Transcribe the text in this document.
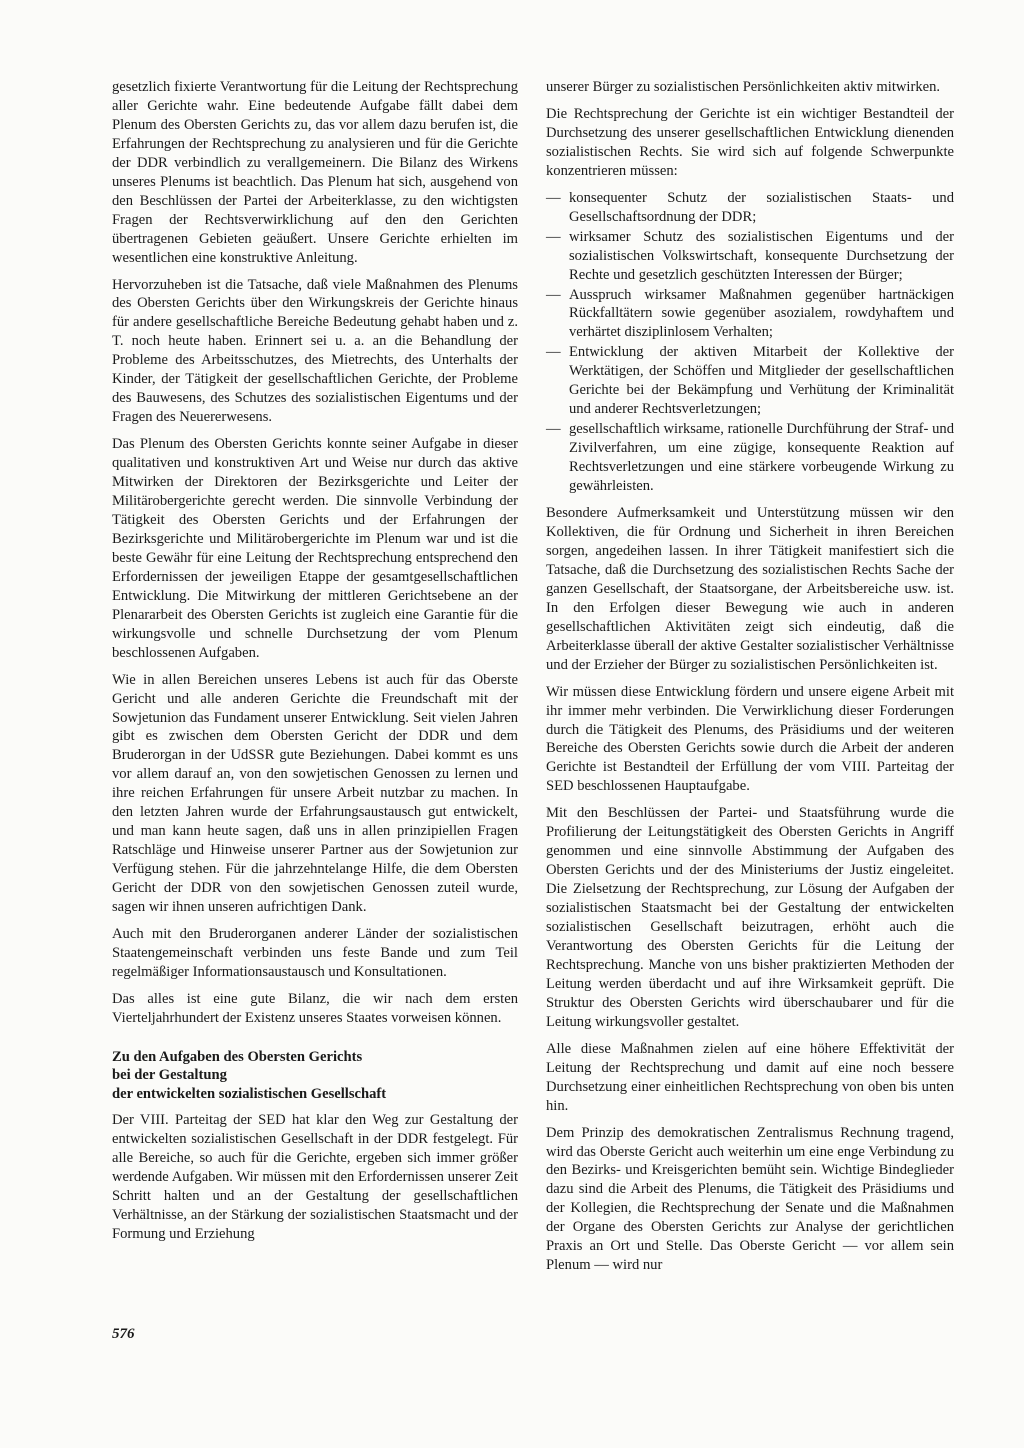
gesetzlich fixierte Verantwortung für die Leitung der Rechtsprechung aller Gerichte wahr. Eine bedeutende Aufgabe fällt dabei dem Plenum des Obersten Gerichts zu, das vor allem dazu berufen ist, die Erfahrungen der Rechtsprechung zu analysieren und für die Gerichte der DDR verbindlich zu verallgemeinern. Die Bilanz des Wirkens unseres Plenums ist beachtlich. Das Plenum hat sich, ausgehend von den Beschlüssen der Partei der Arbeiterklasse, zu den wichtigsten Fragen der Rechtsverwirklichung auf den den Gerichten übertragenen Gebieten geäußert. Unsere Gerichte erhielten im wesentlichen eine konstruktive Anleitung.

Hervorzuheben ist die Tatsache, daß viele Maßnahmen des Plenums des Obersten Gerichts über den Wirkungskreis der Gerichte hinaus für andere gesellschaftliche Bereiche Bedeutung gehabt haben und z. T. noch heute haben. Erinnert sei u. a. an die Behandlung der Probleme des Arbeitsschutzes, des Mietrechts, des Unterhalts der Kinder, der Tätigkeit der gesellschaftlichen Gerichte, der Probleme des Bauwesens, des Schutzes des sozialistischen Eigentums und der Fragen des Neuererwesens.

Das Plenum des Obersten Gerichts konnte seiner Aufgabe in dieser qualitativen und konstruktiven Art und Weise nur durch das aktive Mitwirken der Direktoren der Bezirksgerichte und Leiter der Militärobergerichte gerecht werden. Die sinnvolle Verbindung der Tätigkeit des Obersten Gerichts und der Erfahrungen der Bezirksgerichte und Militärobergerichte im Plenum war und ist die beste Gewähr für eine Leitung der Rechtsprechung entsprechend den Erfordernissen der jeweiligen Etappe der gesamtgesellschaftlichen Entwicklung. Die Mitwirkung der mittleren Gerichtsebene an der Plenararbeit des Obersten Gerichts ist zugleich eine Garantie für die wirkungsvolle und schnelle Durchsetzung der vom Plenum beschlossenen Aufgaben.

Wie in allen Bereichen unseres Lebens ist auch für das Oberste Gericht und alle anderen Gerichte die Freundschaft mit der Sowjetunion das Fundament unserer Entwicklung. Seit vielen Jahren gibt es zwischen dem Obersten Gericht der DDR und dem Bruderorgan in der UdSSR gute Beziehungen. Dabei kommt es uns vor allem darauf an, von den sowjetischen Genossen zu lernen und ihre reichen Erfahrungen für unsere Arbeit nutzbar zu machen. In den letzten Jahren wurde der Erfahrungsaustausch gut entwickelt, und man kann heute sagen, daß uns in allen prinzipiellen Fragen Ratschläge und Hinweise unserer Partner aus der Sowjetunion zur Verfügung stehen. Für die jahrzehntelange Hilfe, die dem Obersten Gericht der DDR von den sowjetischen Genossen zuteil wurde, sagen wir ihnen unseren aufrichtigen Dank.

Auch mit den Bruderorganen anderer Länder der sozialistischen Staatengemeinschaft verbinden uns feste Bande und zum Teil regelmäßiger Informationsaustausch und Konsultationen.

Das alles ist eine gute Bilanz, die wir nach dem ersten Vierteljahrhundert der Existenz unseres Staates vorweisen können.

Zu den Aufgaben des Obersten Gerichts
bei der Gestaltung
der entwickelten sozialistischen Gesellschaft

Der VIII. Parteitag der SED hat klar den Weg zur Gestaltung der entwickelten sozialistischen Gesellschaft in der DDR festgelegt. Für alle Bereiche, so auch für die Gerichte, ergeben sich immer größer werdende Aufgaben. Wir müssen mit den Erfordernissen unserer Zeit Schritt halten und an der Gestaltung der gesellschaftlichen Verhältnisse, an der Stärkung der sozialistischen Staatsmacht und der Formung und Erziehung

unserer Bürger zu sozialistischen Persönlichkeiten aktiv mitwirken.

Die Rechtsprechung der Gerichte ist ein wichtiger Bestandteil der Durchsetzung des unserer gesellschaftlichen Entwicklung dienenden sozialistischen Rechts. Sie wird sich auf folgende Schwerpunkte konzentrieren müssen:

— konsequenter Schutz der sozialistischen Staats- und Gesellschaftsordnung der DDR;
— wirksamer Schutz des sozialistischen Eigentums und der sozialistischen Volkswirtschaft, konsequente Durchsetzung der Rechte und gesetzlich geschützten Interessen der Bürger;
— Ausspruch wirksamer Maßnahmen gegenüber hartnäckigen Rückfalltätern sowie gegenüber asozialem, rowdyhaftem und verhärtet disziplinlosem Verhalten;
— Entwicklung der aktiven Mitarbeit der Kollektive der Werktätigen, der Schöffen und Mitglieder der gesellschaftlichen Gerichte bei der Bekämpfung und Verhütung der Kriminalität und anderer Rechtsverletzungen;
— gesellschaftlich wirksame, rationelle Durchführung der Straf- und Zivilverfahren, um eine zügige, konsequente Reaktion auf Rechtsverletzungen und eine stärkere vorbeugende Wirkung zu gewährleisten.

Besondere Aufmerksamkeit und Unterstützung müssen wir den Kollektiven, die für Ordnung und Sicherheit in ihren Bereichen sorgen, angedeihen lassen. In ihrer Tätigkeit manifestiert sich die Tatsache, daß die Durchsetzung des sozialistischen Rechts Sache der ganzen Gesellschaft, der Staatsorgane, der Arbeitsbereiche usw. ist. In den Erfolgen dieser Bewegung wie auch in anderen gesellschaftlichen Aktivitäten zeigt sich eindeutig, daß die Arbeiterklasse überall der aktive Gestalter sozialistischer Verhältnisse und der Erzieher der Bürger zu sozialistischen Persönlichkeiten ist.

Wir müssen diese Entwicklung fördern und unsere eigene Arbeit mit ihr immer mehr verbinden. Die Verwirklichung dieser Forderungen durch die Tätigkeit des Plenums, des Präsidiums und der weiteren Bereiche des Obersten Gerichts sowie durch die Arbeit der anderen Gerichte ist Bestandteil der Erfüllung der vom VIII. Parteitag der SED beschlossenen Hauptaufgabe.

Mit den Beschlüssen der Partei- und Staatsführung wurde die Profilierung der Leitungstätigkeit des Obersten Gerichts in Angriff genommen und eine sinnvolle Abstimmung der Aufgaben des Obersten Gerichts und der des Ministeriums der Justiz eingeleitet. Die Zielsetzung der Rechtsprechung, zur Lösung der Aufgaben der sozialistischen Staatsmacht bei der Gestaltung der entwickelten sozialistischen Gesellschaft beizutragen, erhöht auch die Verantwortung des Obersten Gerichts für die Leitung der Rechtsprechung. Manche von uns bisher praktizierten Methoden der Leitung werden überdacht und auf ihre Wirksamkeit geprüft. Die Struktur des Obersten Gerichts wird überschaubarer und für die Leitung wirkungsvoller gestaltet.

Alle diese Maßnahmen zielen auf eine höhere Effektivität der Leitung der Rechtsprechung und damit auf eine noch bessere Durchsetzung einer einheitlichen Rechtsprechung von oben bis unten hin.

Dem Prinzip des demokratischen Zentralismus Rechnung tragend, wird das Oberste Gericht auch weiterhin um eine enge Verbindung zu den Bezirks- und Kreisgerichten bemüht sein. Wichtige Bindeglieder dazu sind die Arbeit des Plenums, die Tätigkeit des Präsidiums und der Kollegien, die Rechtsprechung der Senate und die Maßnahmen der Organe des Obersten Gerichts zur Analyse der gerichtlichen Praxis an Ort und Stelle. Das Oberste Gericht — vor allem sein Plenum — wird nur

576
